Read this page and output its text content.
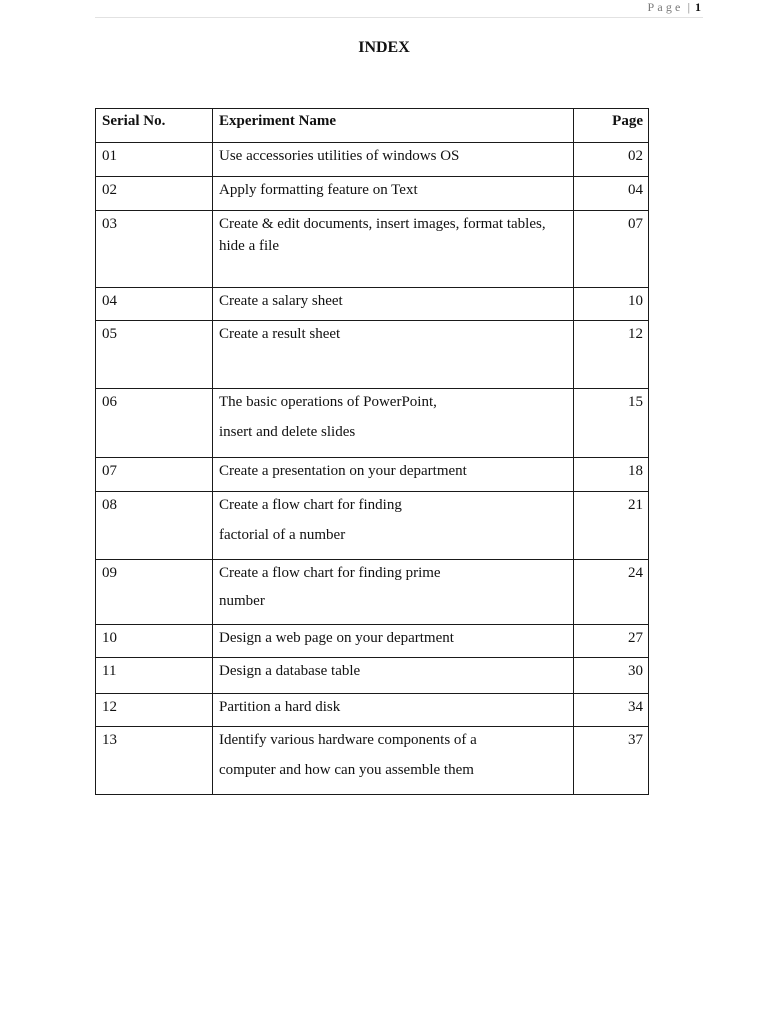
Page | 1
INDEX
Serial No.	Experiment Name	Page
01	Use accessories utilities of windows OS	02
02	Apply formatting feature on Text	04
03	Create & edit documents, insert images, format tables,
hide a file	07
04	Create a salary sheet	10
05	Create a result sheet	12
06	The basic operations of PowerPoint,
insert and delete slides	15
07	Create a presentation on your department	18
08	Create a flow chart for finding
factorial of a number	21
09	Create a flow chart for finding prime
number	24
10	Design a web page on your department	27
11	Design a database table	30
12	Partition a hard disk	34
13	Identify various hardware components of a
computer and how can you assemble them	37
